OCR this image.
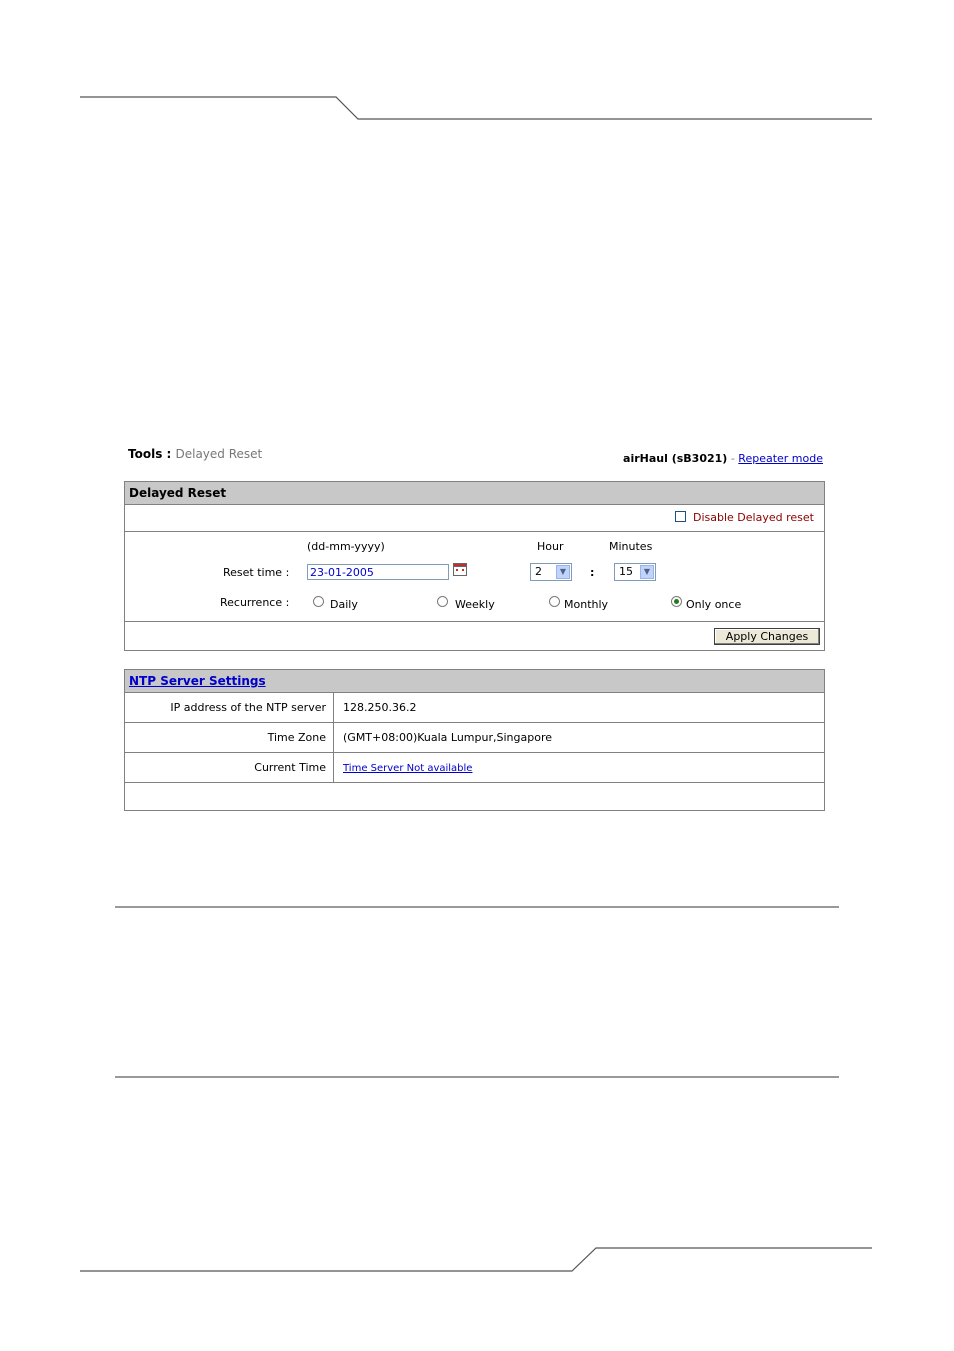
Tools : Delayed Reset	airHaul (sB3021) - Repeater mode
Delayed Reset
Disable Delayed reset
(dd-mm-yyyy)	Hour	Minutes
Reset time :
23-01-2005	2	▼	:	15	▼
Recurrence :	Daily	Weekly	Monthly	Only once
Apply Changes
NTP Server Settings
IP address of the NTP server	128.250.36.2
Time Zone	(GMT+08:00)Kuala Lumpur,Singapore
Current Time	Time Server Not available
